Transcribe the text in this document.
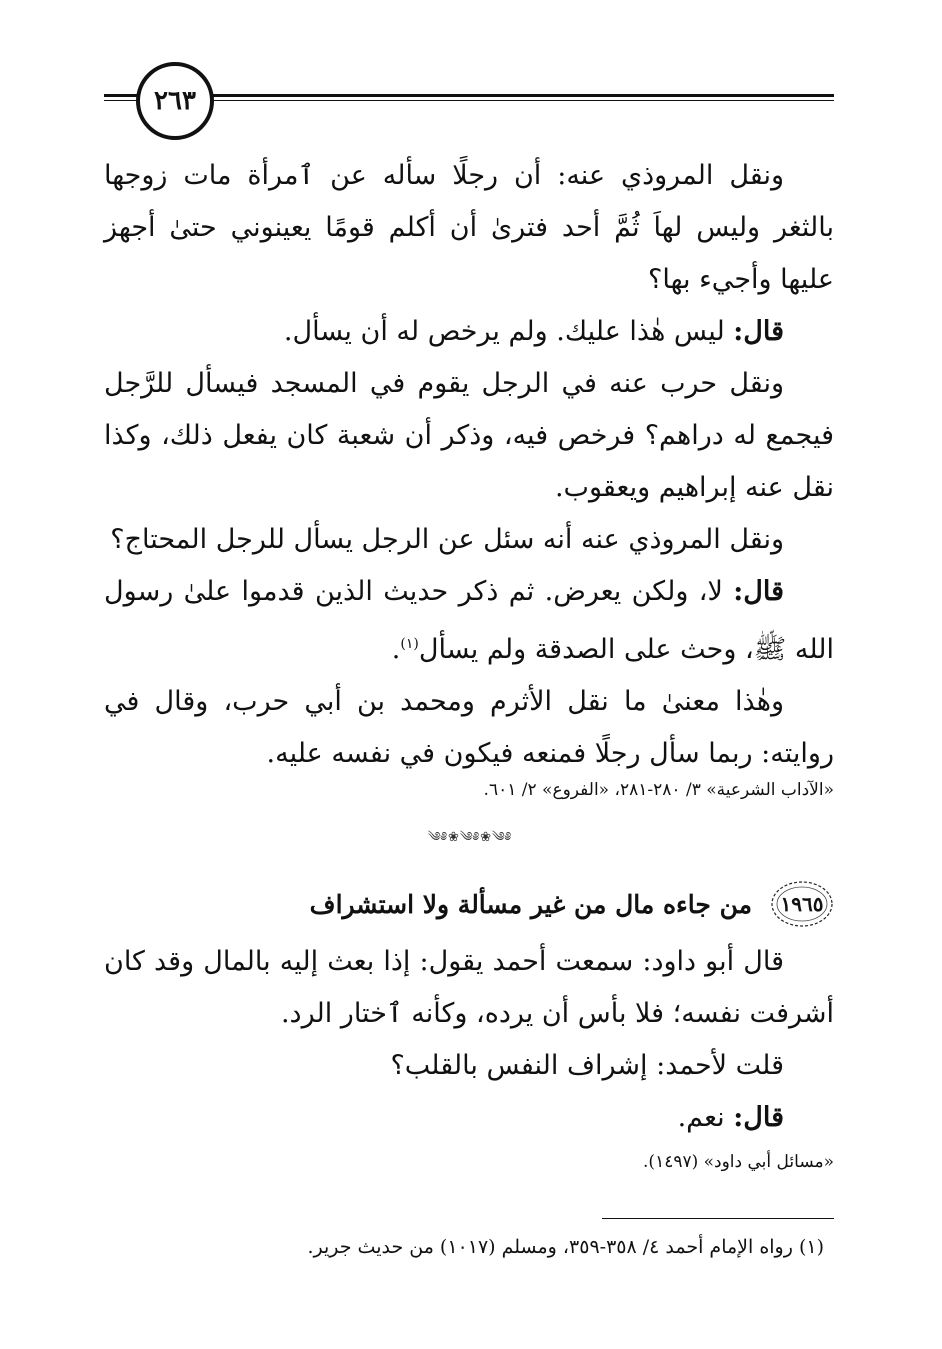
٢٦٣

ونقل المروذي عنه: أن رجلًا سأله عن ٱمرأة مات زوجها بالثغر وليس لهاَ ثُمَّ أحد فترىٰ أن أكلم قومًا يعينوني حتىٰ أجهز عليها وأجيء بها؟

قال: ليس هٰذا عليك. ولم يرخص له أن يسأل.

ونقل حرب عنه في الرجل يقوم في المسجد فيسأل للرَّجل فيجمع له دراهم؟ فرخص فيه، وذكر أن شعبة كان يفعل ذلك، وكذا نقل عنه إبراهيم ويعقوب.

ونقل المروذي عنه أنه سئل عن الرجل يسأل للرجل المحتاج؟

قال: لا، ولكن يعرض. ثم ذكر حديث الذين قدموا علىٰ رسول الله ﷺ، وحث على الصدقة ولم يسأل$^{(١)}$.

وهٰذا معنىٰ ما نقل الأثرم ومحمد بن أبي حرب، وقال في روايته: ربما سأل رجلًا فمنعه فيكون في نفسه عليه.

«الآداب الشرعية» ٣/ ٢٨٠-٢٨١، «الفروع» ٢/ ٦٠١.
༄༅❀༄༅❀༄༅
١٩٦٥
من جاءه مال من غير مسألة ولا استشراف

قال أبو داود: سمعت أحمد يقول: إذا بعث إليه بالمال وقد كان أشرفت نفسه؛ فلا بأس أن يرده، وكأنه ٱختار الرد.

قلت لأحمد: إشراف النفس بالقلب؟

قال: نعم.

«مسائل أبي داود» (١٤٩٧).
(١) رواه الإمام أحمد ٤/ ٣٥٨-٣٥٩، ومسلم (١٠١٧) من حديث جرير.
